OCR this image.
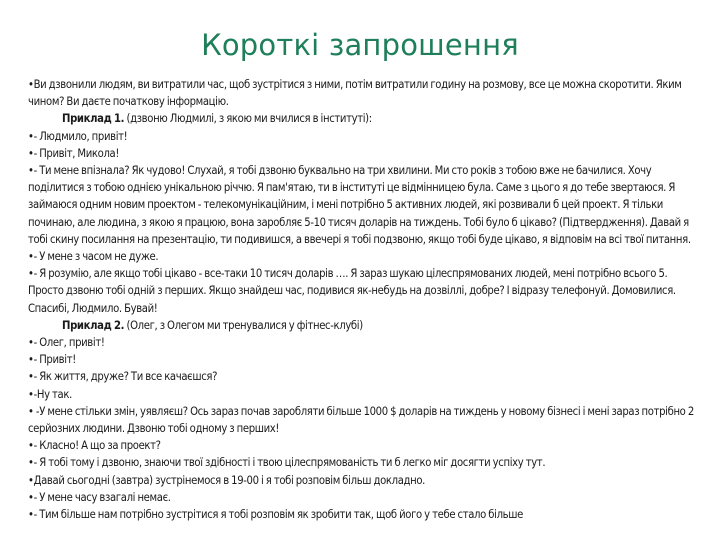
Короткі запрошення

•Ви дзвонили людям, ви витратили час, щоб зустрітися з ними, потім витратили годину на розмову, все це можна скоротити. Яким чином? Ви даєте початкову інформацію.

Приклад 1. (дзвоню Людмилі, з якою ми вчилися в інституті):

•- Людмило, привіт!

•- Привіт, Микола!

•- Ти мене впізнала? Як чудово! Слухай, я тобі дзвоню буквально на три хвилини. Ми сто років з тобою вже не бачилися. Хочу поділитися з тобою однією унікальною річчю. Я пам'ятаю, ти в інституті це відмінницею була. Саме з цього я до тебе звертаюся. Я займаюся одним новим проектом - телекомунікаційним, і мені потрібно 5 активних людей, які розвивали б цей проект. Я тільки починаю, але людина, з якою я працюю, вона заробляє 5-10 тисяч доларів на тиждень. Тобі було б цікаво? (Підтвердження). Давай я тобі скину посилання на презентацію, ти подивишся, а ввечері я тобі подзвоню, якщо тобі буде цікаво, я відповім на всі твої питання.

•- У мене з часом не дуже.

•- Я розумію, але якщо тобі цікаво - все-таки 10 тисяч доларів …. Я зараз шукаю цілеспрямованих людей, мені потрібно всього 5. Просто дзвоню тобі одній з перших. Якщо знайдеш час, подивися як-небудь на дозвіллі, добре? І відразу телефонуй. Домовилися. Спасибі, Людмило. Бувай!

Приклад 2. (Олег, з Олегом ми тренувалися у фітнес-клубі)

•- Олег, привіт!

•- Привіт!

•- Як життя, друже? Ти все качаєшся?

•-Ну так.

• -У мене стільки змін, уявляєш? Ось зараз почав заробляти більше 1000 $ доларів на тиждень у новому бізнесі і мені зараз потрібно 2 серйозних людини. Дзвоню тобі одному з перших!

•- Класно! А що за проект?

•- Я тобі тому і дзвоню, знаючи твої здібності і твою цілеспрямованість ти б легко міг досягти успіху тут.

•Давай сьогодні (завтра) зустрінемося в 19-00 і я тобі розповім більш докладно.

•- У мене часу взагалі немає.

•- Тим більше нам потрібно зустрітися я тобі розповім як зробити так, щоб його у тебе стало більше
